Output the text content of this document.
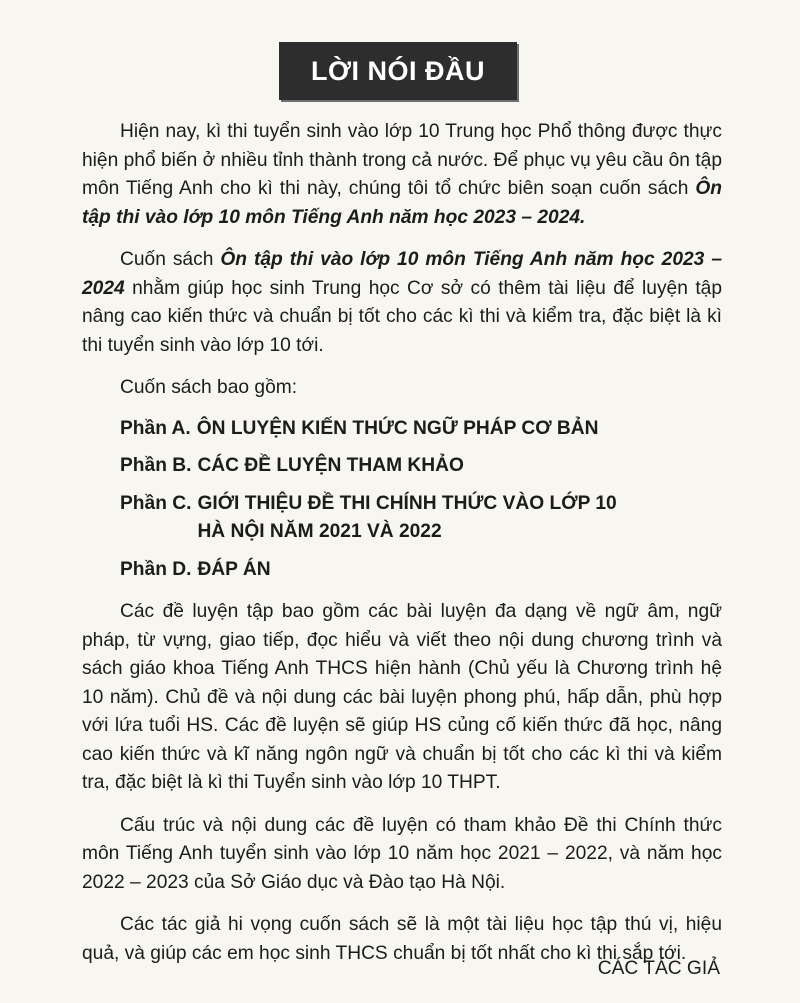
LỜI NÓI ĐẦU

Hiện nay, kì thi tuyển sinh vào lớp 10 Trung học Phổ thông được thực hiện phổ biến ở nhiều tỉnh thành trong cả nước. Để phục vụ yêu cầu ôn tập môn Tiếng Anh cho kì thi này, chúng tôi tổ chức biên soạn cuốn sách Ôn tập thi vào lớp 10 môn Tiếng Anh năm học 2023 – 2024.

Cuốn sách Ôn tập thi vào lớp 10 môn Tiếng Anh năm học 2023 – 2024 nhằm giúp học sinh Trung học Cơ sở có thêm tài liệu để luyện tập nâng cao kiến thức và chuẩn bị tốt cho các kì thi và kiểm tra, đặc biệt là kì thi tuyển sinh vào lớp 10 tới.

Cuốn sách bao gồm:

Phần A. ÔN LUYỆN KIẾN THỨC NGỮ PHÁP CƠ BẢN
Phần B. CÁC ĐỀ LUYỆN THAM KHẢO
Phần C. GIỚI THIỆU ĐỀ THI CHÍNH THỨC VÀO LỚP 10 HÀ NỘI NĂM 2021 VÀ 2022
Phần D. ĐÁP ÁN

Các đề luyện tập bao gồm các bài luyện đa dạng về ngữ âm, ngữ pháp, từ vựng, giao tiếp, đọc hiểu và viết theo nội dung chương trình và sách giáo khoa Tiếng Anh THCS hiện hành (Chủ yếu là Chương trình hệ 10 năm). Chủ đề và nội dung các bài luyện phong phú, hấp dẫn, phù hợp với lứa tuổi HS. Các đề luyện sẽ giúp HS củng cố kiến thức đã học, nâng cao kiến thức và kĩ năng ngôn ngữ và chuẩn bị tốt cho các kì thi và kiểm tra, đặc biệt là kì thi Tuyển sinh vào lớp 10 THPT.

Cấu trúc và nội dung các đề luyện có tham khảo Đề thi Chính thức môn Tiếng Anh tuyển sinh vào lớp 10 năm học 2021 – 2022, và năm học 2022 – 2023 của Sở Giáo dục và Đào tạo Hà Nội.

Các tác giả hi vọng cuốn sách sẽ là một tài liệu học tập thú vị, hiệu quả, và giúp các em học sinh THCS chuẩn bị tốt nhất cho kì thi sắp tới.

CÁC TÁC GIẢ
